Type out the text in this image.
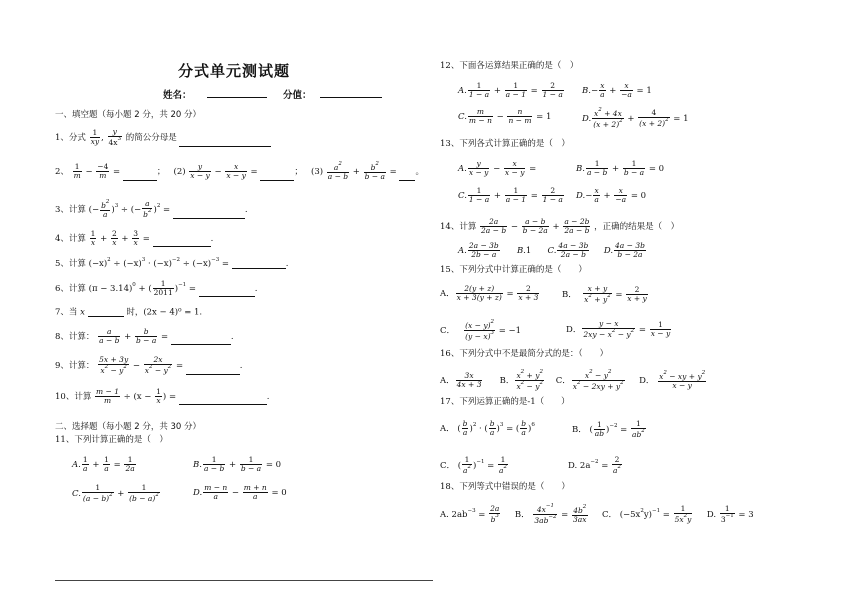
分式单元测试题
姓名：	分值：
一、填空题（每小题 2 分，共 20 分）
1、分式 $\frac{1}{xy}$ , $\frac{y}{4x^3}$ 的简公分母是
2、 $\frac{1}{m} - \frac{-4}{m}$ =	； $(2) \frac{y}{x - y} - \frac{x}{x - y}$ =	； $(3) \frac{a^2}{a - b} + \frac{b^2}{b - a}$ = 。
3、计算 (− $\frac{b^2}{a} )^3$ ÷ (− $\frac{a}{b^2} )^2$ =	.
4、计算 $\frac{1}{x} + \frac{2}{x} + \frac{3}{x}$ =	.
5、计算 $(-x)^2 \div (-x)^3 \cdot (-x)^{-2} \div (-x)^{-3}$ =	.
6、计算 $(\pi - 3.14)^0$ + ( $\frac{1}{2011} )^{-1}$ =	.
7、当 x	时，(2x − 4)⁰ = 1.
8、计算： $\frac{a}{a - b} + \frac{b}{b - a}$ =	.
9、计算： $\frac{5x + 3y}{x^2 - y^2} - \frac{2x}{x^2 - y^2}$ =	.
10、计算 $\frac{m - 1}{m} \div (x - \frac{1}{x}$ ) =	.
二、选择题（每小题 2 分，共 30 分）
11、下列计算正确的是（　）
A. $\frac{1}{a} + \frac{1}{a} = \frac{1}{2a}$	B. $\frac{1}{a - b} + \frac{1}{b - a} = 0$
C. $\frac{1}{(a - b)^2} + \frac{1}{(b - a)^2}$	D. $\frac{m - n}{a} - \frac{m + n}{a} = 0$
12、下面各运算结果正确的是（　）
A. $\frac{1}{1 - a} + \frac{1}{a - 1} = \frac{2}{1 - a} B.- \frac{x}{a} + \frac{x}{-a} = 1$
C. $\frac{m}{m - n} - \frac{n}{n - m} = 1$	D. $\frac{x^2 + 4x}{(x + 2)^2} + \frac{4}{(x + 2)^2} = 1$
13、下列各式计算正确的是（　）
A. $\frac{y}{x - y} - \frac{x}{x - y}$ =	B. $\frac{1}{a - b} + \frac{1}{b - a} = 0$
C. $\frac{1}{1 - a} + \frac{1}{a - 1} = \frac{2}{1 - a} D.- \frac{x}{a} + \frac{x}{-a} = 0$
14、计算 $\frac{2a}{2a - b} - \frac{a - b}{b - 2a} + \frac{a - 2b}{2a - b}$ ，正确的结果是（　）
A. $\frac{2a - 3b}{2b - a} B.1$      C. $\frac{4a - 3b}{2a - b} D$. $\frac{4a - 3b}{b - 2a}$
15、下列分式中计算正确的是（　　）
A． $\frac{2(y + z)}{x + 3(y + z)} = \frac{2}{x + 3}$	B． $\frac{x + y}{x^2 + y^2} = \frac{2}{x + y}$
C． $\frac{(x - y)^2}{(y - x)^3} = -1$	D． $\frac{y - x}{2xy - x^2 - y^2} = \frac{1}{x - y}$
16、下列分式中不是最简分式的是：（　　）
A． $\frac{3x}{4x + 3}$ B． $\frac{x^2 + y^2}{x^2 - y^2}$ C． $\frac{x^2 - y^2}{x^2 - 2xy + y^2}$ D． $\frac{x^2 - xy + y^2}{x - y}$
17、下列运算正确的是-1（　　）
A． ( $\frac{b}{a} )^2$ · ( $\frac{b}{a} )^3$ = ( $\frac{b}{a} )^6$	B． ( $\frac{1}{ab} )^{-2} = \frac{1}{ab^2}$
C． ( $\frac{1}{a^2} )^{-1} = \frac{1}{a^2}$	D. $2a^{-2} = \frac{2}{a^2}$
18、下列等式中错误的是（　　）
A. $2ab^{-3} = \frac{2a}{b^3}$ B． $\frac{4x^{-1}}{3ab^{-2}} = \frac{4b^2}{3ax}$ C． $(-5x^2y)^{-1} = \frac{1}{5x^2y} D$. $\frac{1}{3^{-1}} = 3$
